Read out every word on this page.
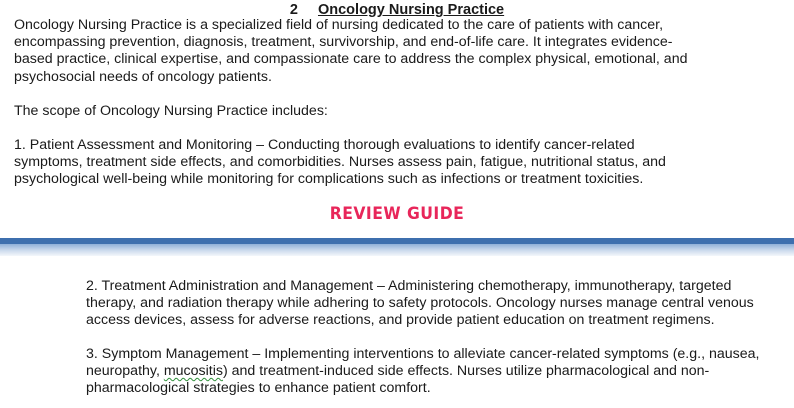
2 Oncology Nursing Practice

Oncology Nursing Practice is a specialized field of nursing dedicated to the care of patients with cancer, encompassing prevention, diagnosis, treatment, survivorship, and end-of-life care. It integrates evidence-based practice, clinical expertise, and compassionate care to address the complex physical, emotional, and psychosocial needs of oncology patients.

The scope of Oncology Nursing Practice includes:

1. Patient Assessment and Monitoring – Conducting thorough evaluations to identify cancer-related symptoms, treatment side effects, and comorbidities. Nurses assess pain, fatigue, nutritional status, and psychological well-being while monitoring for complications such as infections or treatment toxicities.

REVIEW GUIDE

2. Treatment Administration and Management – Administering chemotherapy, immunotherapy, targeted therapy, and radiation therapy while adhering to safety protocols. Oncology nurses manage central venous access devices, assess for adverse reactions, and provide patient education on treatment regimens.

3. Symptom Management – Implementing interventions to alleviate cancer-related symptoms (e.g., nausea, neuropathy, mucositis) and treatment-induced side effects. Nurses utilize pharmacological and non-pharmacological strategies to enhance patient comfort.
